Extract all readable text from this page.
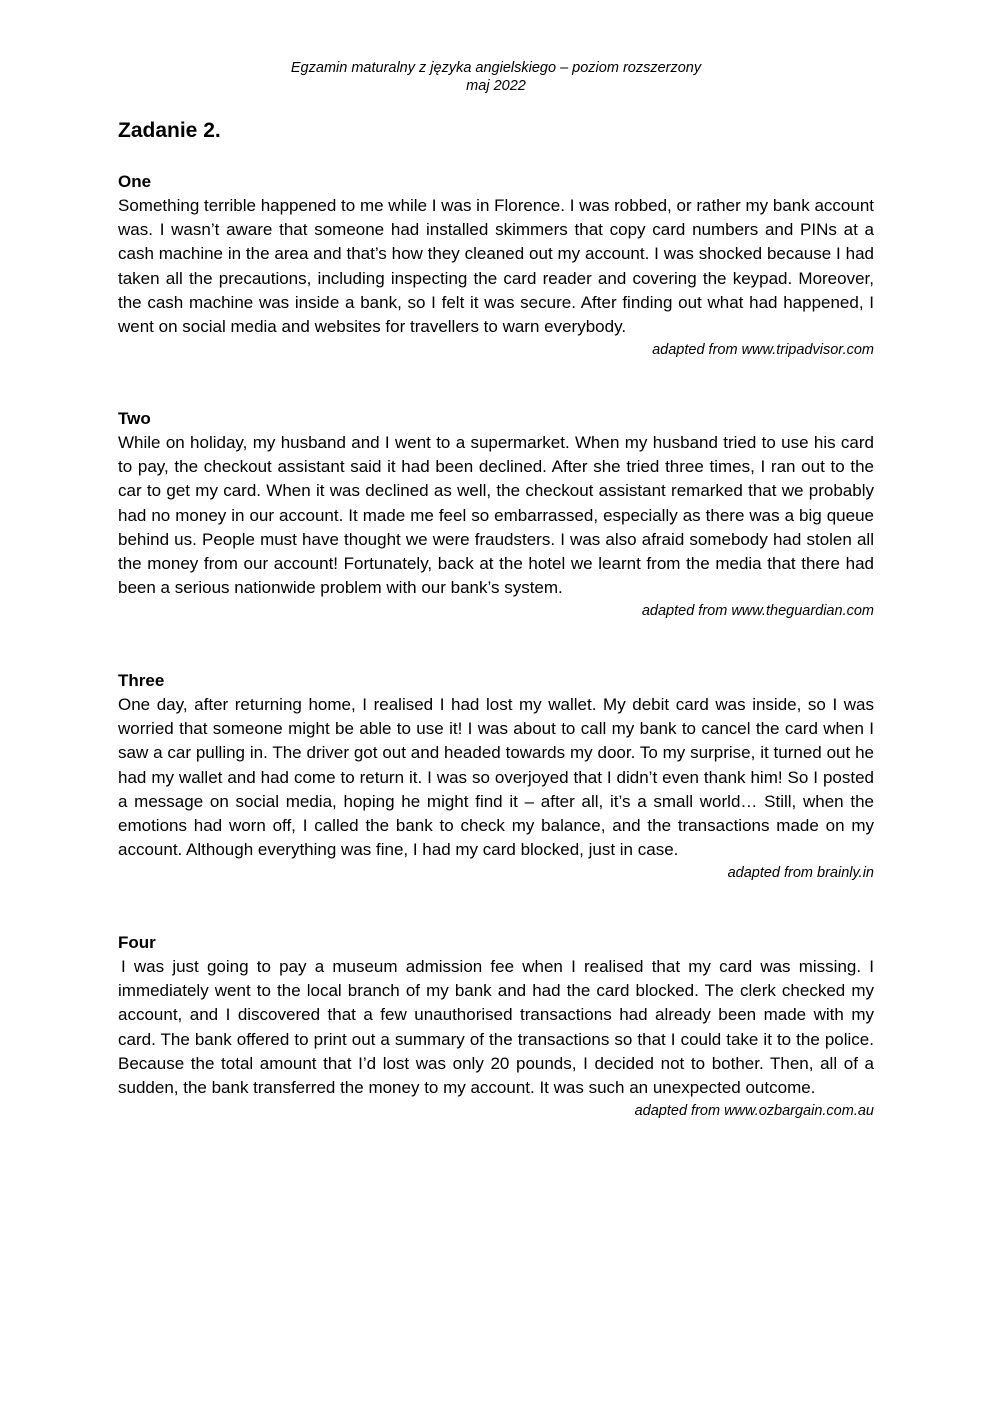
Egzamin maturalny z języka angielskiego – poziom rozszerzony
maj 2022
Zadanie 2.

One

Something terrible happened to me while I was in Florence. I was robbed, or rather my bank account was. I wasn’t aware that someone had installed skimmers that copy card numbers and PINs at a cash machine in the area and that’s how they cleaned out my account. I was shocked because I had taken all the precautions, including inspecting the card reader and covering the keypad. Moreover, the cash machine was inside a bank, so I felt it was secure. After finding out what had happened, I went on social media and websites for travellers to warn everybody.

adapted from www.tripadvisor.com

Two

While on holiday, my husband and I went to a supermarket. When my husband tried to use his card to pay, the checkout assistant said it had been declined. After she tried three times, I ran out to the car to get my card. When it was declined as well, the checkout assistant remarked that we probably had no money in our account. It made me feel so embarrassed, especially as there was a big queue behind us. People must have thought we were fraudsters. I was also afraid somebody had stolen all the money from our account! Fortunately, back at the hotel we learnt from the media that there had been a serious nationwide problem with our bank’s system.

adapted from www.theguardian.com

Three

One day, after returning home, I realised I had lost my wallet. My debit card was inside, so I was worried that someone might be able to use it! I was about to call my bank to cancel the card when I saw a car pulling in. The driver got out and headed towards my door. To my surprise, it turned out he had my wallet and had come to return it. I was so overjoyed that I didn’t even thank him! So I posted a message on social media, hoping he might find it – after all, it’s a small world… Still, when the emotions had worn off, I called the bank to check my balance, and the transactions made on my account. Although everything was fine, I had my card blocked, just in case.

adapted from brainly.in

Four

I was just going to pay a museum admission fee when I realised that my card was missing. I immediately went to the local branch of my bank and had the card blocked. The clerk checked my account, and I discovered that a few unauthorised transactions had already been made with my card. The bank offered to print out a summary of the transactions so that I could take it to the police. Because the total amount that I’d lost was only 20 pounds, I decided not to bother. Then, all of a sudden, the bank transferred the money to my account. It was such an unexpected outcome.

adapted from www.ozbargain.com.au
